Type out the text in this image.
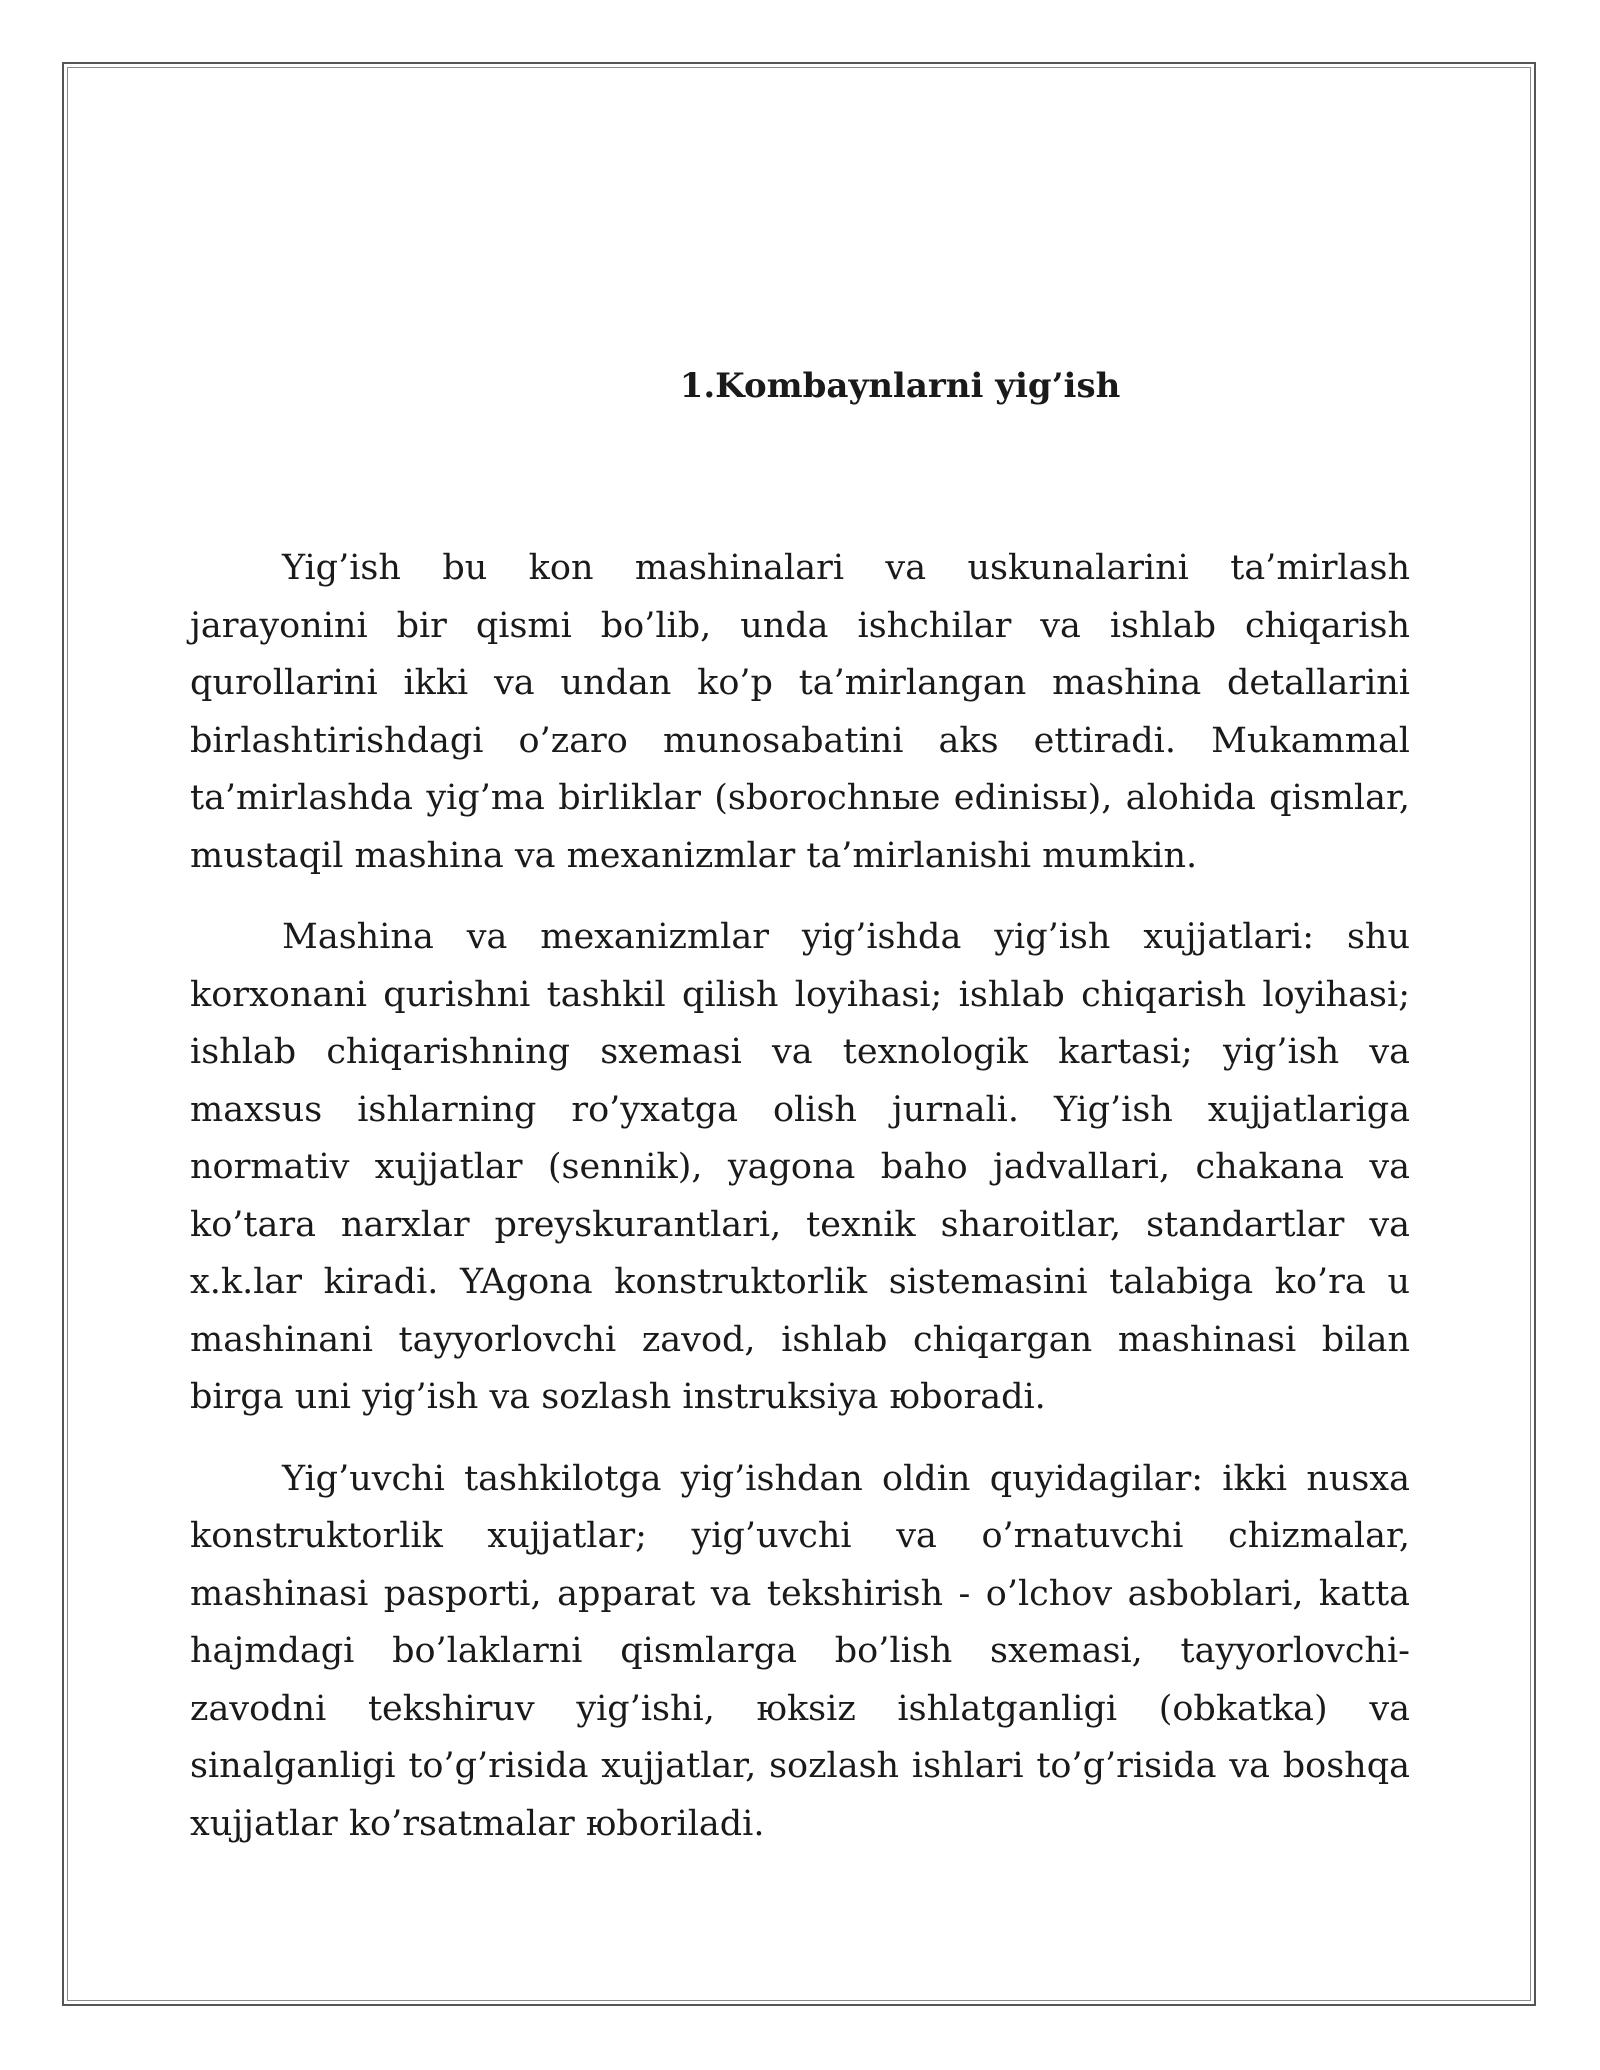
1.Kombaynlarni yig’ish

Yig’ish bu kon mashinalari va uskunalarini ta’mirlash jarayonini bir qismi bo’lib, unda ishchilar va ishlab chiqarish qurollarini ikki va undan ko’p ta’mirlangan mashina detallarini birlashtirishdagi o’zaro munosabatini aks ettiradi. Mukammal ta’mirlashda yig’ma birliklar (sborochnыe edinisы), alohida qismlar, mustaqil mashina va mexanizmlar ta’mirlanishi mumkin.

Mashina va mexanizmlar yig’ishda yig’ish xujjatlari: shu korxonani qurishni tashkil qilish loyihasi; ishlab chiqarish loyihasi; ishlab chiqarishning sxemasi va texnologik kartasi; yig’ish va maxsus ishlarning ro’yxatga olish jurnali. Yig’ish xujjatlariga normativ xujjatlar (sennik), yagona baho jadvallari, chakana va ko’tara narxlar preyskurantlari, texnik sharoitlar, standartlar va x.k.lar kiradi. YAgona konstruktorlik sistemasini talabiga ko’ra u mashinani tayyorlovchi zavod, ishlab chiqargan mashinasi bilan birga uni yig’ish va sozlash instruksiya юboradi.

Yig’uvchi tashkilotga yig’ishdan oldin quyidagilar: ikki nusxa konstruktorlik xujjatlar; yig’uvchi va o’rnatuvchi chizmalar, mashinasi pasporti, apparat va tekshirish - o’lchov asboblari, katta hajmdagi bo’laklarni qismlarga bo’lish sxemasi, tayyorlovchi-zavodni tekshiruv yig’ishi, юksiz ishlatganligi (obkatka) va sinalganligi to’g’risida xujjatlar, sozlash ishlari to’g’risida va boshqa xujjatlar ko’rsatmalar юboriladi.
